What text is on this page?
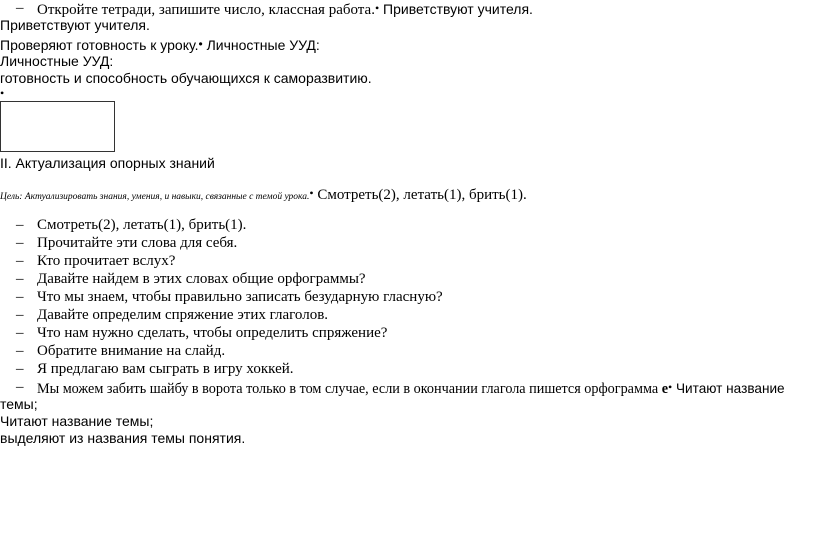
– Откройте тетради, запишите число, классная работа.• Приветствуют учителя.
Приветствуют учителя.
Проверяют готовность к уроку.• Личностные УУД:
Личностные УУД:
готовность и способность обучающихся к саморазвитию.
•
II. Актуализация опорных знаний
Цель: Актуализировать знания, умения, и навыки, связанные с темой урока.• Смотреть(2), летать(1), брить(1).
– Смотреть(2), летать(1), брить(1).
– Прочитайте эти слова для себя.
– Кто прочитает вслух?
– Давайте найдем в этих словах общие орфограммы?
– Что мы знаем, чтобы правильно записать безударную гласную?
– Давайте определим спряжение этих глаголов.
– Что нам нужно сделать, чтобы определить спряжение?
– Обратите внимание на слайд.
– Я предлагаю вам сыграть в игру хоккей.
– Мы можем забить шайбу в ворота только в том случае, если в окончании глагола пишется орфограмма е• Читают название
темы;
Читают название темы;
выделяют из названия темы понятия.
